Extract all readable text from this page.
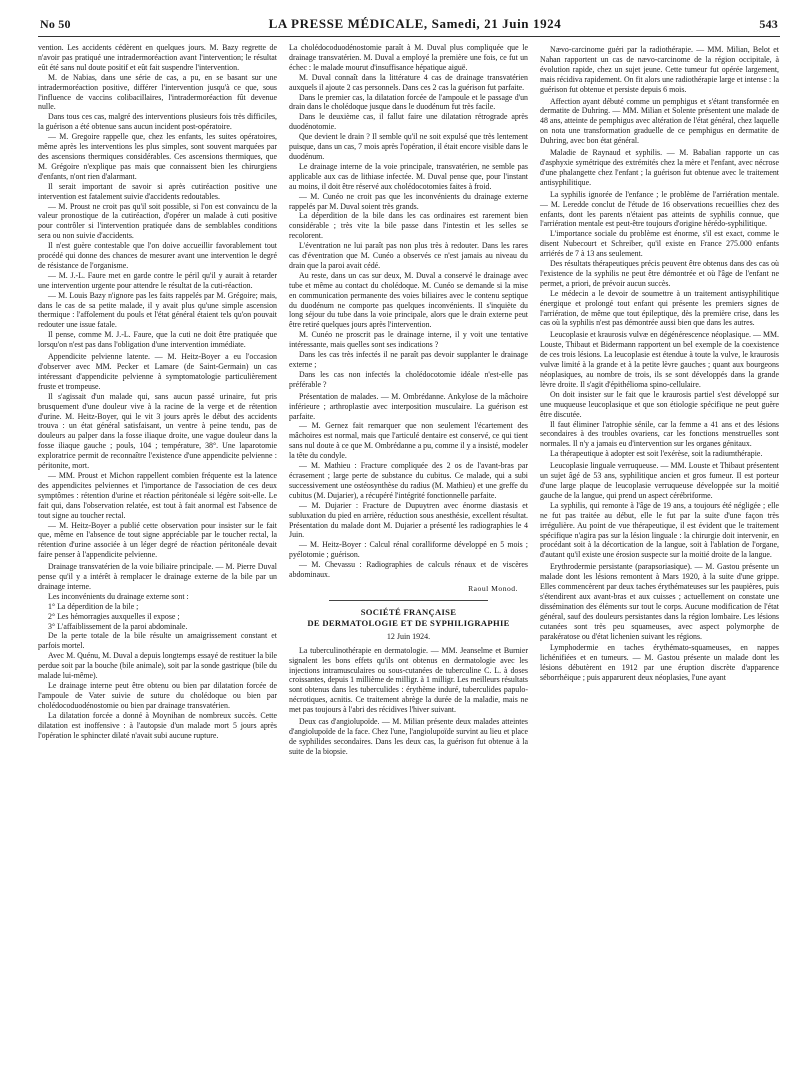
No 50	LA PRESSE MÉDICALE, Samedi, 21 Juin 1924	543

vention. Les accidents cédèrent en quelques jours. M. Bazy regrette de n'avoir pas pratiqué une intradermoréaction avant l'intervention; le résultat eût été sans nul doute positif et eût fait suspendre l'intervention.

M. de Nabias, dans une série de cas, a pu, en se basant sur une intradermoréaction positive, différer l'intervention jusqu'à ce que, sous l'influence de vaccins colibacillaires, l'intradermoréaction fût devenue nulle.

Dans tous ces cas, malgré des interventions plusieurs fois très difficiles, la guérison a été obtenue sans aucun incident post-opératoire.

— M. Gregoire rappelle que, chez les enfants, les suites opératoires, même après les interventions les plus simples, sont souvent marquées par des ascensions thermiques considérables. Ces ascensions thermiques, que M. Grégoire n'explique pas mais que connaissent bien les chirurgiens d'enfants, n'ont rien d'alarmant.

Il serait important de savoir si après cutiréaction positive une intervention est fatalement suivie d'accidents redoutables.

— M. Proust ne croit pas qu'il soit possible, si l'on est convaincu de la valeur pronostique de la cutiréaction, d'opérer un malade à cuti positive pour contrôler si l'intervention pratiquée dans de semblables conditions sera ou non suivie d'accidents.

Il n'est guère contestable que l'on doive accueillir favorablement tout procédé qui donne des chances de mesurer avant une intervention le degré de résistance de l'organisme.

— M. J.-L. Faure met en garde contre le péril qu'il y aurait à retarder une intervention urgente pour attendre le résultat de la cuti-réaction.

— M. Louis Bazy n'ignore pas les faits rappelés par M. Grégoire; mais, dans le cas de sa petite malade, il y avait plus qu'une simple ascension thermique : l'affolement du pouls et l'état général étaient tels qu'on pouvait redouter une issue fatale.

Il pense, comme M. J.-L. Faure, que la cuti ne doit être pratiquée que lorsqu'on n'est pas dans l'obligation d'une intervention immédiate.

Appendicite pelvienne latente. — M. Heitz-Boyer a eu l'occasion d'observer avec MM. Pecker et Lamare (de Saint-Germain) un cas intéressant d'appendicite pelvienne à symptomatologie particulièrement fruste et trompeuse.

Il s'agissait d'un malade qui, sans aucun passé urinaire, fut pris brusquement d'une douleur vive à la racine de la verge et de rétention d'urine. M. Heitz-Boyer, qui le vit 3 jours après le début des accidents trouva : un état général satisfaisant, un ventre à peine tendu, pas de douleurs au palper dans la fosse iliaque droite, une vague douleur dans la fosse iliaque gauche ; pouls, 104 ; température, 38°. Une laparotomie exploratrice permit de reconnaître l'existence d'une appendicite pelvienne : péritonite, mort.

— MM. Proust et Michon rappellent combien fréquente est la latence des appendicites pelviennes et l'importance de l'association de ces deux symptômes : rétention d'urine et réaction péritonéale si légère soit-elle. Le fait qui, dans l'observation relatée, est tout à fait anormal est l'absence de tout signe au toucher rectal.

— M. Heitz-Boyer a publié cette observation pour insister sur le fait que, même en l'absence de tout signe appréciable par le toucher rectal, la rétention d'urine associée à un léger degré de réaction péritonéale devait faire penser à l'appendicite pelvienne.

Drainage transvatérien de la voie biliaire principale. — M. Pierre Duval pense qu'il y a intérêt à remplacer le drainage externe de la bile par un drainage interne.

Les inconvénients du drainage externe sont :

1° La déperdition de la bile ;

2° Les hémorragies auxquelles il expose ;

3° L'affaiblissement de la paroi abdominale.

De la perte totale de la bile résulte un amaigrissement constant et parfois mortel.

Avec M. Quénu, M. Duval a depuis longtemps essayé de restituer la bile perdue soit par la bouche (bile animale), soit par la sonde gastrique (bile du malade lui-même).

Le drainage interne peut être obtenu ou bien par dilatation forcée de l'ampoule de Vater suivie de suture du cholédoque ou bien par cholédocoduodénostomie ou bien par drainage transvatérien.

La dilatation forcée a donné à Moynihan de nombreux succès. Cette dilatation est inoffensive : à l'autopsie d'un malade mort 5 jours après l'opération le sphincter dilaté n'avait subi aucune rupture.

La cholédocoduodénostomie paraît à M. Duval plus compliquée que le drainage transvatérien. M. Duval a employé la première une fois, ce fut un échec : le malade mourut d'insuffisance hépatique aiguë.

M. Duval connaît dans la littérature 4 cas de drainage transvatérien auxquels il ajoute 2 cas personnels. Dans ces 2 cas la guérison fut parfaite.

Dans le premier cas, la dilatation forcée de l'ampoule et le passage d'un drain dans le cholédoque jusque dans le duodénum fut très facile.

Dans le deuxième cas, il fallut faire une dilatation rétrograde après duodénotomie.

Que devient le drain ? Il semble qu'il ne soit expulsé que très lentement puisque, dans un cas, 7 mois après l'opération, il était encore visible dans le duodénum.

Le drainage interne de la voie principale, transvatérien, ne semble pas applicable aux cas de lithiase infectée. M. Duval pense que, pour l'instant au moins, il doit être réservé aux cholédocotomies faites à froid.

— M. Cunéo ne croit pas que les inconvénients du drainage externe rappelés par M. Duval soient très grands.

La déperdition de la bile dans les cas ordinaires est rarement bien considérable ; très vite la bile passe dans l'intestin et les selles se recolorent.

L'éventration ne lui paraît pas non plus très à redouter. Dans les rares cas d'éventration que M. Cunéo a observés ce n'est jamais au niveau du drain que la paroi avait cédé.

Au reste, dans un cas sur deux, M. Duval a conservé le drainage avec tube et même au contact du cholédoque. M. Cunéo se demande si la mise en communication permanente des voies biliaires avec le contenu septique du duodénum ne comporte pas quelques inconvénients. Il s'inquiète du long séjour du tube dans la voie principale, alors que le drain externe peut être retiré quelques jours après l'intervention.

M. Cunéo ne proscrit pas le drainage interne, il y voit une tentative intéressante, mais quelles sont ses indications ?

Dans les cas très infectés il ne paraît pas devoir supplanter le drainage externe ;

Dans les cas non infectés la cholédocotomie idéale n'est-elle pas préférable ?

Présentation de malades. — M. Ombrédanne. Ankylose de la mâchoire inférieure ; arthroplastie avec interposition musculaire. La guérison est parfaite.

— M. Gernez fait remarquer que non seulement l'écartement des mâchoires est normal, mais que l'articulé dentaire est conservé, ce qui tient sans nul doute à ce que M. Ombrédanne a pu, comme il y a insisté, modeler la tête du condyle.

— M. Mathieu : Fracture compliquée des 2 os de l'avant-bras par écrasement ; large perte de substance du cubitus. Ce malade, qui a subi successivement une ostéosynthèse du radius (M. Mathieu) et une greffe du cubitus (M. Dujarier), a récupéré l'intégrité fonctionnelle parfaite.

— M. Dujarier : Fracture de Dupuytren avec énorme diastasis et subluxation du pied en arrière, réduction sous anesthésie, excellent résultat. Présentation du malade dont M. Dujarier a présenté les radiographies le 4 Juin.

— M. Heitz-Boyer : Calcul rénal coralliforme développé en 5 mois ; pyélotomie ; guérison.

— M. Chevassu : Radiographies de calculs rénaux et de viscères abdominaux.

Raoul Monod.

SOCIÉTÉ FRANÇAISE

DE DERMATOLOGIE ET DE SYPHILIGRAPHIE

12 Juin 1924.

La tuberculinothérapie en dermatologie. — MM. Jeanselme et Burnier signalent les bons effets qu'ils ont obtenus en dermatologie avec les injections intramusculaires ou sous-cutanées de tuberculine C. L. à doses croissantes, depuis 1 millième de milligr. à 1 milligr. Les meilleurs résultats sont obtenus dans les tuberculides : érythème induré, tuberculides papulo-nécrotiques, acnitis. Ce traitement abrège la durée de la maladie, mais ne met pas toujours à l'abri des récidives l'hiver suivant.

Deux cas d'angiolupoïde. — M. Milian présente deux malades atteintes d'angiolupoïde de la face. Chez l'une, l'angiolupoïde survint au lieu et place de syphilides secondaires. Dans les deux cas, la guérison fut obtenue à la suite de la biopsie.

Nævo-carcinome guéri par la radiothérapie. — MM. Milian, Belot et Nahan rapportent un cas de nævo-carcinome de la région occipitale, à évolution rapide, chez un sujet jeune. Cette tumeur fut opérée largement, mais récidiva rapidement. On fit alors une radiothérapie large et intense : la guérison fut obtenue et persiste depuis 6 mois.

Affection ayant débuté comme un pemphigus et s'étant transformée en dermatite de Duhring. — MM. Milian et Solente présentent une malade de 48 ans, atteinte de pemphigus avec altération de l'état général, chez laquelle on nota une transformation graduelle de ce pemphigus en dermatite de Duhring, avec bon état général.

Maladie de Raynaud et syphilis. — M. Babalian rapporte un cas d'asphyxie symétrique des extrémités chez la mère et l'enfant, avec nécrose d'une phalangette chez l'enfant ; la guérison fut obtenue avec le traitement antisyphilitique.

La syphilis ignorée de l'enfance ; le problème de l'arriération mentale. — M. Leredde conclut de l'étude de 16 observations recueillies chez des enfants, dont les parents n'étaient pas atteints de syphilis connue, que l'arriération mentale est peut-être toujours d'origine hérédo-syphilitique.

L'importance sociale du problème est énorme, s'il est exact, comme le disent Nubecourt et Schreiber, qu'il existe en France 275.000 enfants arriérés de 7 à 13 ans seulement.

Des résultats thérapeutiques précis peuvent être obtenus dans des cas où l'existence de la syphilis ne peut être démontrée et où l'âge de l'enfant ne permet, a priori, de prévoir aucun succès.

Le médecin a le devoir de soumettre à un traitement antisyphilitique énergique et prolongé tout enfant qui présente les premiers signes de l'arriération, de même que tout épileptique, dès la première crise, dans les cas où la syphilis n'est pas démontrée aussi bien que dans les autres.

Leucoplasie et kraurosis vulvæ en dégénérescence néoplasique. — MM. Louste, Thibaut et Bidermann rapportent un bel exemple de la coexistence de ces trois lésions. La leucoplasie est étendue à toute la vulve, le kraurosis vulvæ limité à la grande et à la petite lèvre gauches ; quant aux bourgeons néoplasiques, au nombre de trois, ils se sont développés dans la grande lèvre droite. Il s'agit d'épithélioma spino-cellulaire.

On doit insister sur le fait que le kraurosis partiel s'est développé sur une muqueuse leucoplasique et que son étiologie spécifique ne peut guère être discutée.

Il faut éliminer l'atrophie sénile, car la femme a 41 ans et des lésions secondaires à des troubles ovariens, car les fonctions menstruelles sont normales. Il n'y a jamais eu d'intervention sur les organes génitaux.

La thérapeutique à adopter est soit l'exérèse, soit la radiumthérapie.

Leucoplasie linguale verruqueuse. — MM. Louste et Thibaut présentent un sujet âgé de 53 ans, syphilitique ancien et gros fumeur. Il est porteur d'une large plaque de leucoplasie verruqueuse développée sur la moitié gauche de la langue, qui prend un aspect cérébriforme.

La syphilis, qui remonte à l'âge de 19 ans, a toujours été négligée ; elle ne fut pas traitée au début, elle le fut par la suite d'une façon très irrégulière. Au point de vue thérapeutique, il est évident que le traitement spécifique n'agira pas sur la lésion linguale : la chirurgie doit intervenir, en procédant soit à la décortication de la langue, soit à l'ablation de l'organe, d'autant qu'il existe une érosion suspecte sur la moitié droite de la langue.

Erythrodermie persistante (parapsoriasique). — M. Gastou présente un malade dont les lésions remontent à Mars 1920, à la suite d'une grippe. Elles commencèrent par deux taches érythémateuses sur les paupières, puis s'étendirent aux avant-bras et aux cuisses ; actuellement on constate une dissémination des éléments sur tout le corps. Aucune modification de l'état général, sauf des douleurs persistantes dans la région lombaire. Les lésions cutanées sont très peu squameuses, avec aspect polymorphe de parakératose ou d'état lichenien suivant les régions.

Lymphodermie en taches érythémato-squameuses, en nappes lichénifiées et en tumeurs. — M. Gastou présente un malade dont les lésions débutèrent en 1912 par une éruption discrète d'apparence séborrhéique ; puis apparurent deux néoplasies, l'une ayant
